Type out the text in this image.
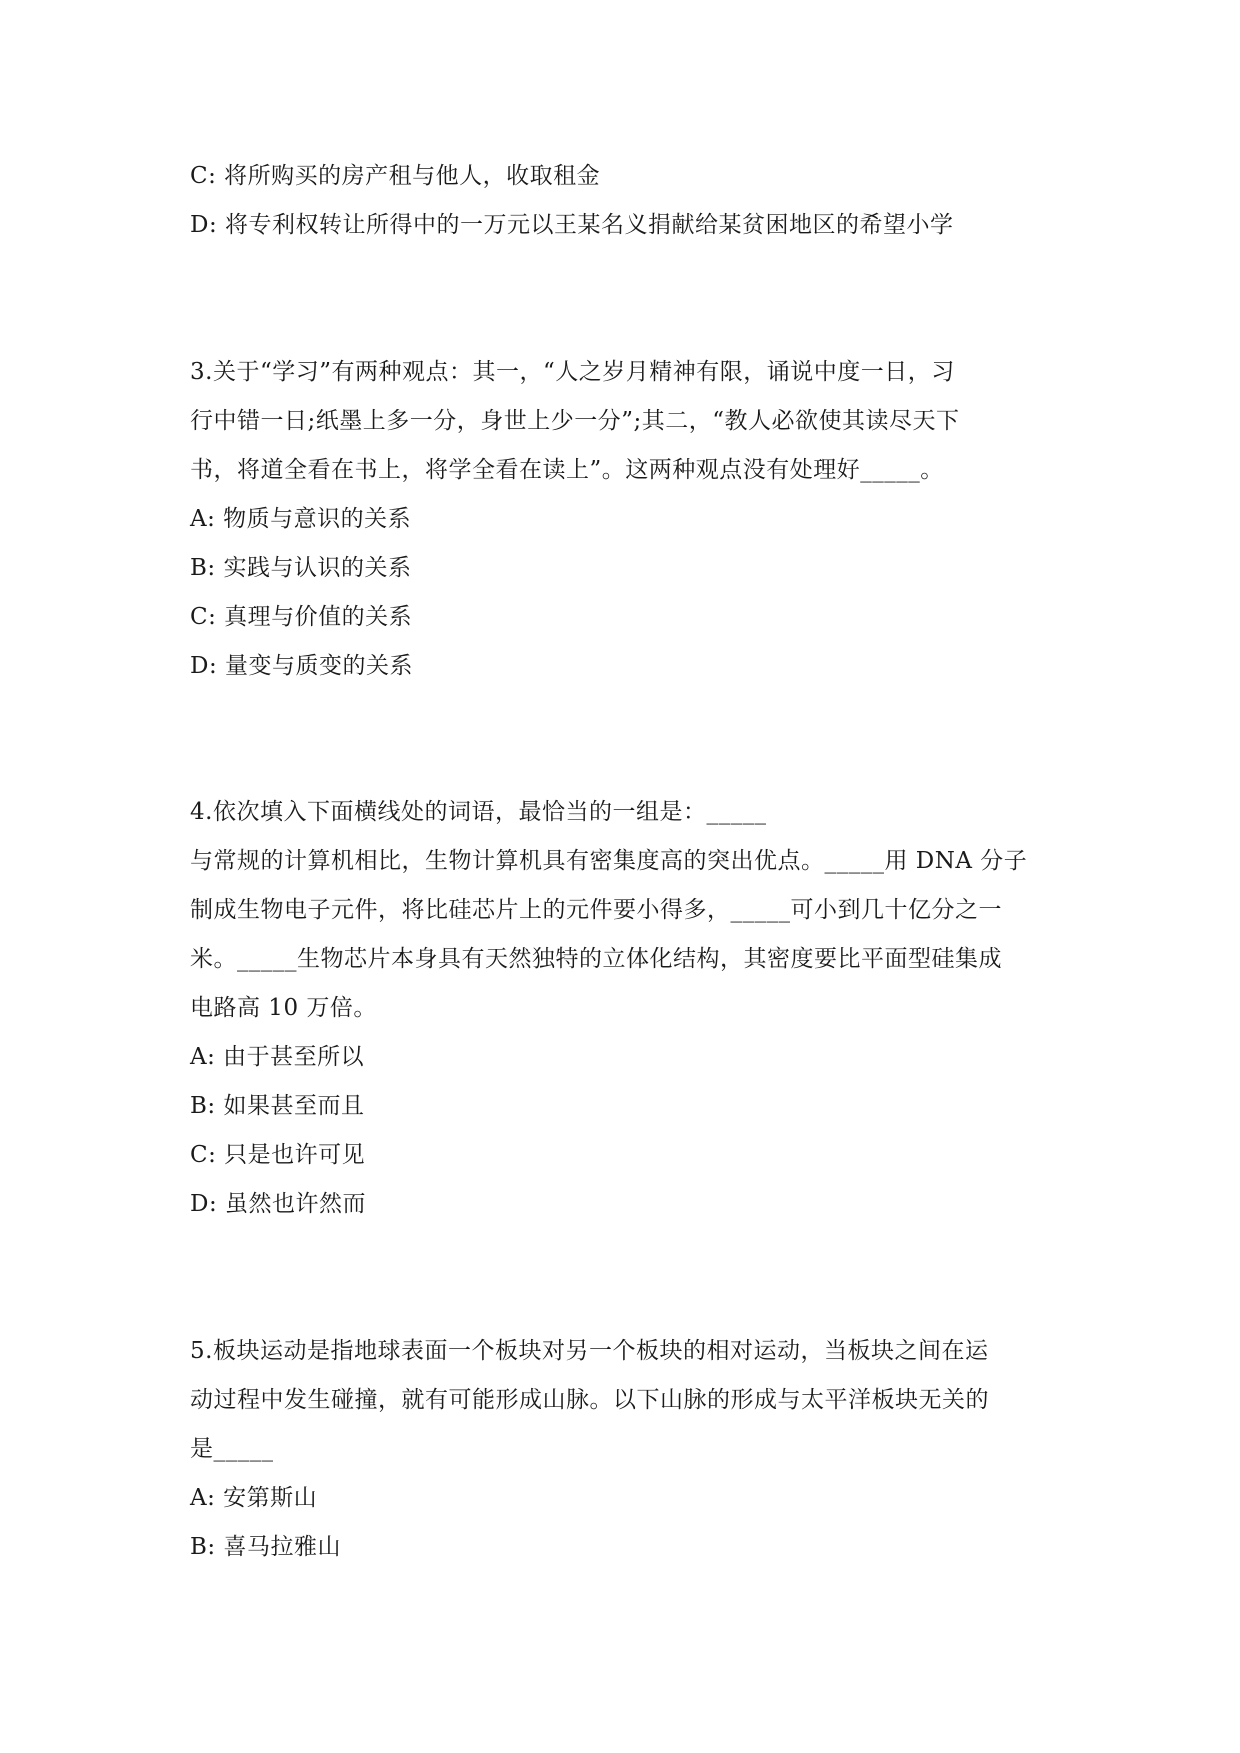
C: 将所购买的房产租与他人，收取租金
D: 将专利权转让所得中的一万元以王某名义捐献给某贫困地区的希望小学
3.关于“学习”有两种观点：其一，“人之岁月精神有限，诵说中度一日，习
行中错一日;纸墨上多一分，身世上少一分”;其二，“教人必欲使其读尽天下
书，将道全看在书上，将学全看在读上”。这两种观点没有处理好_____。
A: 物质与意识的关系
B: 实践与认识的关系
C: 真理与价值的关系
D: 量变与质变的关系
4.依次填入下面横线处的词语，最恰当的一组是：_____
与常规的计算机相比，生物计算机具有密集度高的突出优点。_____用 DNA 分子
制成生物电子元件，将比硅芯片上的元件要小得多，_____可小到几十亿分之一
米。_____生物芯片本身具有天然独特的立体化结构，其密度要比平面型硅集成
电路高 10 万倍。
A: 由于甚至所以
B: 如果甚至而且
C: 只是也许可见
D: 虽然也许然而
5.板块运动是指地球表面一个板块对另一个板块的相对运动，当板块之间在运
动过程中发生碰撞，就有可能形成山脉。以下山脉的形成与太平洋板块无关的
是_____
A: 安第斯山
B: 喜马拉雅山
